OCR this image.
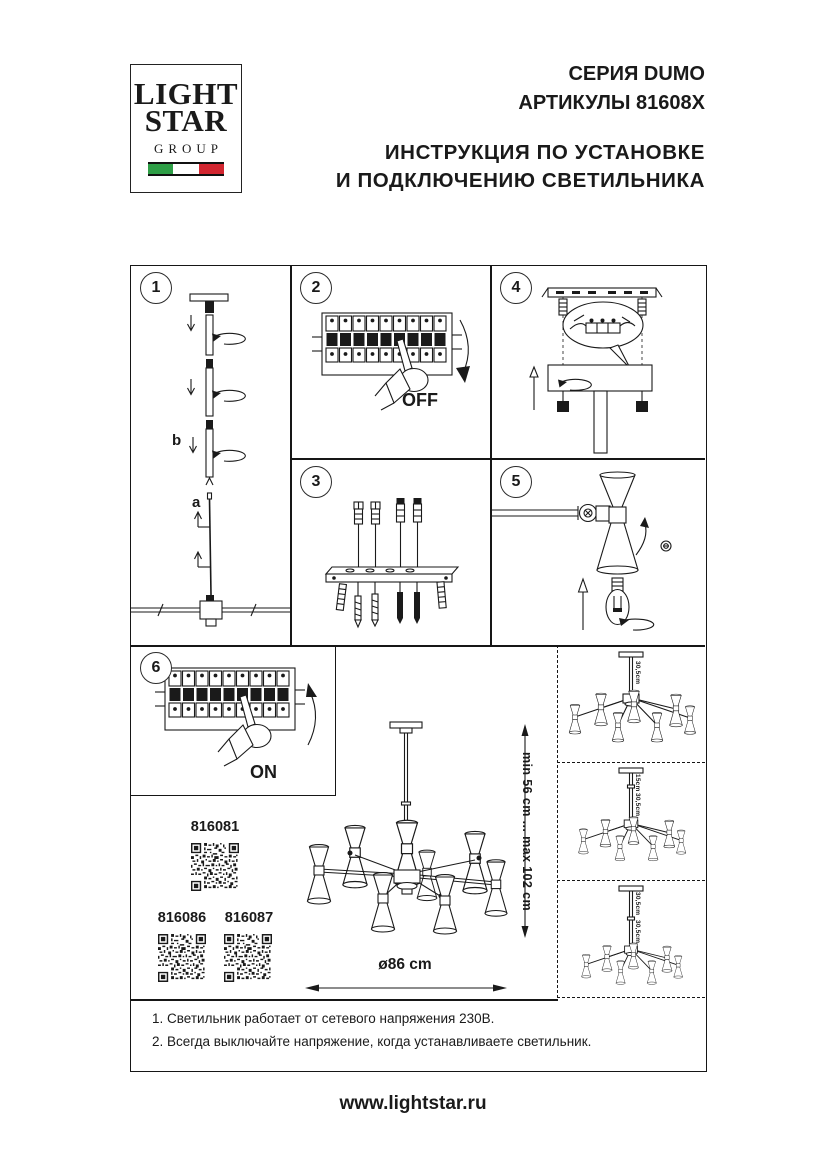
LIGHT
STAR
GROUP
СЕРИЯ DUMO
АРТИКУЛЫ 81608X
ИНСТРУКЦИЯ ПО УСТАНОВКЕ
И ПОДКЛЮЧЕНИЮ СВЕТИЛЬНИКА
1	2
3
4
5
6
b
a
OFF
ON
816081
816086	816087
min 56 cm ... max 102 cm
ø86 cm
30,5cm
15cm
30,5cm
30,5cm
30,5cm
1. Светильник работает от сетевого напряжения 230В.
2. Всегда выключайте напряжение, когда устанавливаете светильник.
www.lightstar.ru
